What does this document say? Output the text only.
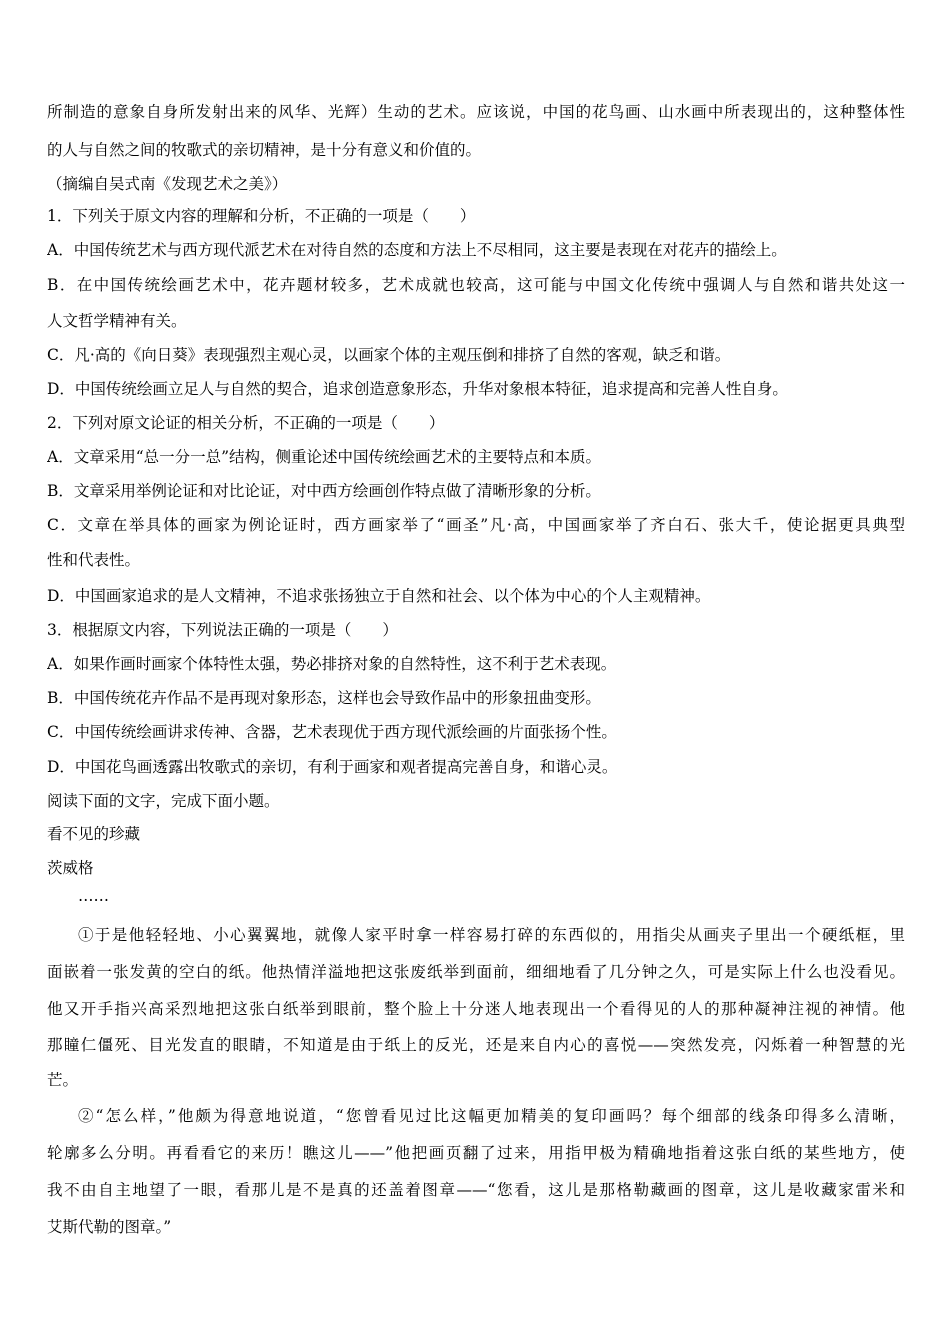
所制造的意象自身所发射出来的风华、光辉）生动的艺术。应该说，中国的花鸟画、山水画中所表现出的，这种整体性
的人与自然之间的牧歌式的亲切精神，是十分有意义和价值的。
（摘编自吴式南《发现艺术之美》）
1．下列关于原文内容的理解和分析，不正确的一项是（　　）
A．中国传统艺术与西方现代派艺术在对待自然的态度和方法上不尽相同，这主要是表现在对花卉的描绘上。
B．在中国传统绘画艺术中，花卉题材较多，艺术成就也较高，这可能与中国文化传统中强调人与自然和谐共处这一
人文哲学精神有关。
C．凡·高的《向日葵》表现强烈主观心灵，以画家个体的主观压倒和排挤了自然的客观，缺乏和谐。
D．中国传统绘画立足人与自然的契合，追求创造意象形态，升华对象根本特征，追求提高和完善人性自身。
2．下列对原文论证的相关分析，不正确的一项是（　　）
A．文章采用“总一分一总”结构，侧重论述中国传统绘画艺术的主要特点和本质。
B．文章采用举例论证和对比论证，对中西方绘画创作特点做了清晰形象的分析。
C．文章在举具体的画家为例论证时，西方画家举了“画圣”凡·高，中国画家举了齐白石、张大千，使论据更具典型
性和代表性。
D．中国画家追求的是人文精神，不追求张扬独立于自然和社会、以个体为中心的个人主观精神。
3．根据原文内容，下列说法正确的一项是（　　）
A．如果作画时画家个体特性太强，势必排挤对象的自然特性，这不利于艺术表现。
B．中国传统花卉作品不是再现对象形态，这样也会导致作品中的形象扭曲变形。
C．中国传统绘画讲求传神、含器，艺术表现优于西方现代派绘画的片面张扬个性。
D．中国花鸟画透露出牧歌式的亲切，有利于画家和观者提高完善自身，和谐心灵。
阅读下面的文字，完成下面小题。
看不见的珍藏
茨威格
……
①于是他轻轻地、小心翼翼地，就像人家平时拿一样容易打碎的东西似的，用指尖从画夹子里出一个硬纸框，里
面嵌着一张发黄的空白的纸。他热情洋溢地把这张废纸举到面前，细细地看了几分钟之久，可是实际上什么也没看见。
他又开手指兴高采烈地把这张白纸举到眼前，整个脸上十分迷人地表现出一个看得见的人的那种凝神注视的神情。他
那瞳仁僵死、目光发直的眼睛，不知道是由于纸上的反光，还是来自内心的喜悦——突然发亮，闪烁着一种智慧的光
芒。
②“怎么样，”他颇为得意地说道，“您曾看见过比这幅更加精美的复印画吗？每个细部的线条印得多么清晰，
轮廓多么分明。再看看它的来历！瞧这儿——”他把画页翻了过来，用指甲极为精确地指着这张白纸的某些地方，使
我不由自主地望了一眼，看那儿是不是真的还盖着图章——“您看，这儿是那格勒藏画的图章，这儿是收藏家雷米和
艾斯代勒的图章。”
